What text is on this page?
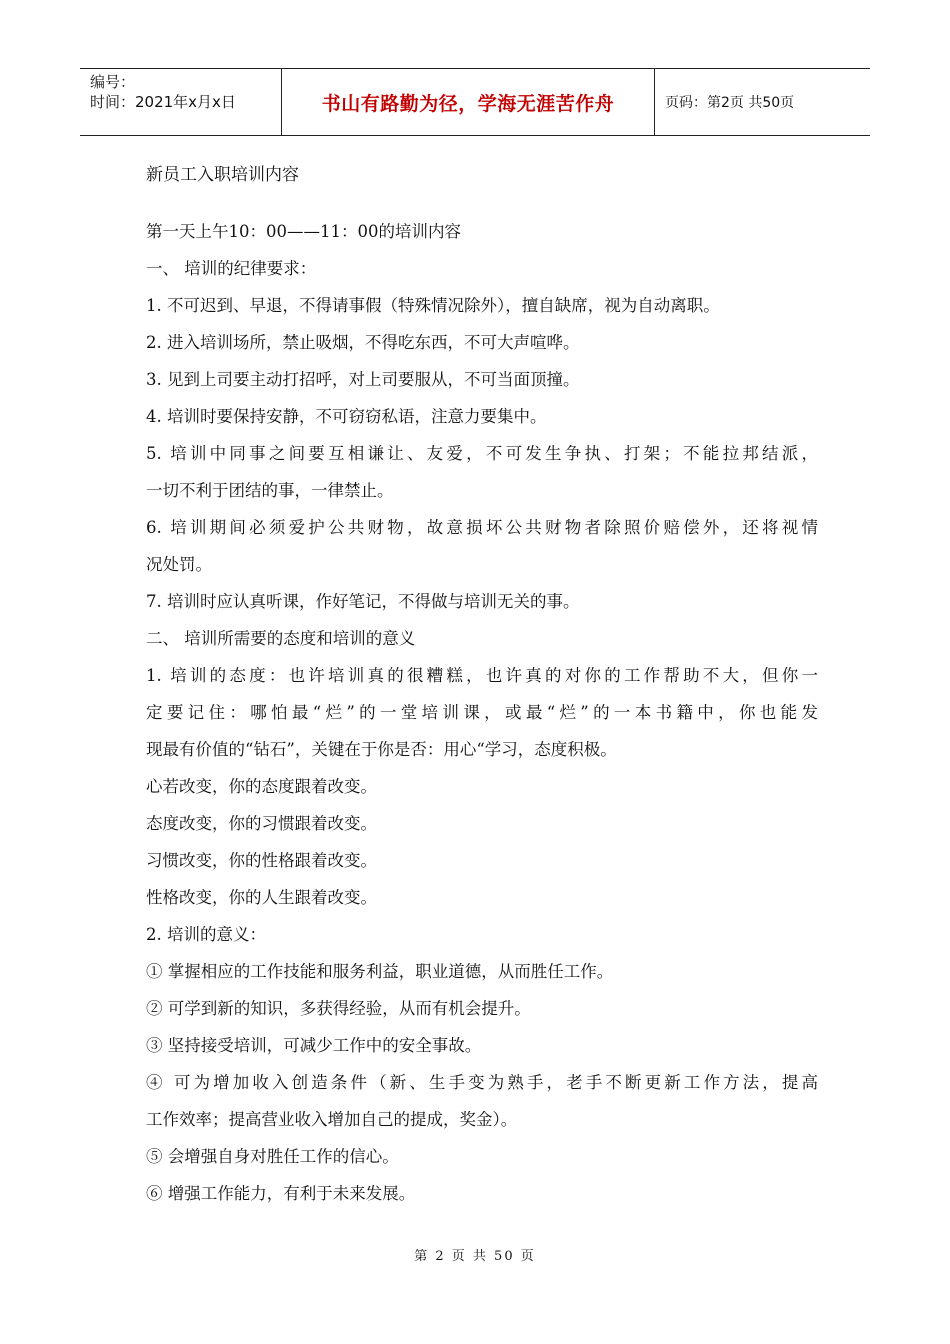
编号：
时间：2021年x月x日	书山有路勤为径，学海无涯苦作舟	页码：第2页 共50页
新员工入职培训内容
第一天上午10：00——11：00的培训内容
一、 培训的纪律要求：
1. 不可迟到、早退，不得请事假（特殊情况除外），擅自缺席，视为自动离职。
2. 进入培训场所，禁止吸烟，不得吃东西，不可大声喧哗。
3. 见到上司要主动打招呼，对上司要服从，不可当面顶撞。
4. 培训时要保持安静，不可窃窃私语，注意力要集中。
5. 培训中同事之间要互相谦让、友爱，不可发生争执、打架；不能拉邦结派，
一切不利于团结的事，一律禁止。
6. 培训期间必须爱护公共财物，故意损坏公共财物者除照价赔偿外，还将视情
况处罚。
7. 培训时应认真听课，作好笔记，不得做与培训无关的事。
二、 培训所需要的态度和培训的意义
1. 培训的态度：也许培训真的很糟糕，也许真的对你的工作帮助不大，但你一
定要记住：哪怕最“烂”的一堂培训课，或最“烂”的一本书籍中，你也能发
现最有价值的“钻石”，关键在于你是否：用心“学习，态度积极。
心若改变，你的态度跟着改变。
态度改变，你的习惯跟着改变。
习惯改变，你的性格跟着改变。
性格改变，你的人生跟着改变。
2. 培训的意义：
① 掌握相应的工作技能和服务利益，职业道德，从而胜任工作。
② 可学到新的知识，多获得经验，从而有机会提升。
③ 坚持接受培训，可减少工作中的安全事故。
④ 可为增加收入创造条件（新、生手变为熟手，老手不断更新工作方法，提高
工作效率；提高营业收入增加自己的提成，奖金）。
⑤ 会增强自身对胜任工作的信心。
⑥ 增强工作能力，有利于未来发展。
第 2 页 共 50 页
